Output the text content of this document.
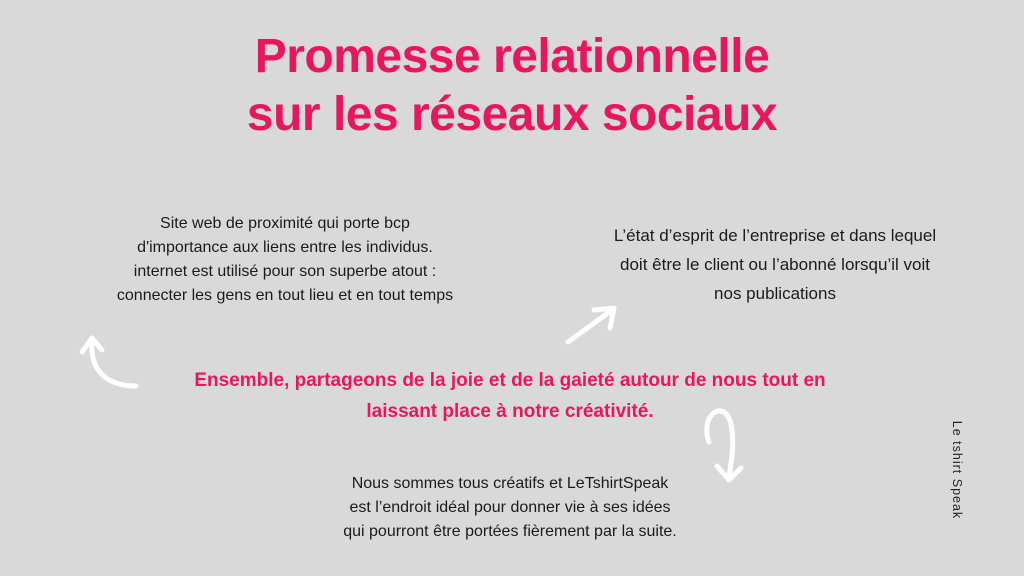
Promesse relationnelle
sur les réseaux sociaux
Site web de proximité qui porte bcp
d'importance aux liens entre les individus.
internet est utilisé pour son superbe atout :
connecter les gens en tout lieu et en tout temps
L’état d’esprit de l’entreprise et dans lequel
doit être le client ou l’abonné lorsqu’il voit
nos publications
Ensemble, partageons de la joie et de la gaieté autour de nous tout en
laissant place à notre créativité.
Nous sommes tous créatifs et LeTshirtSpeak
est l’endroit idéal pour donner vie à ses idées
qui pourront être portées fièrement par la suite.
Le tshirt Speak
